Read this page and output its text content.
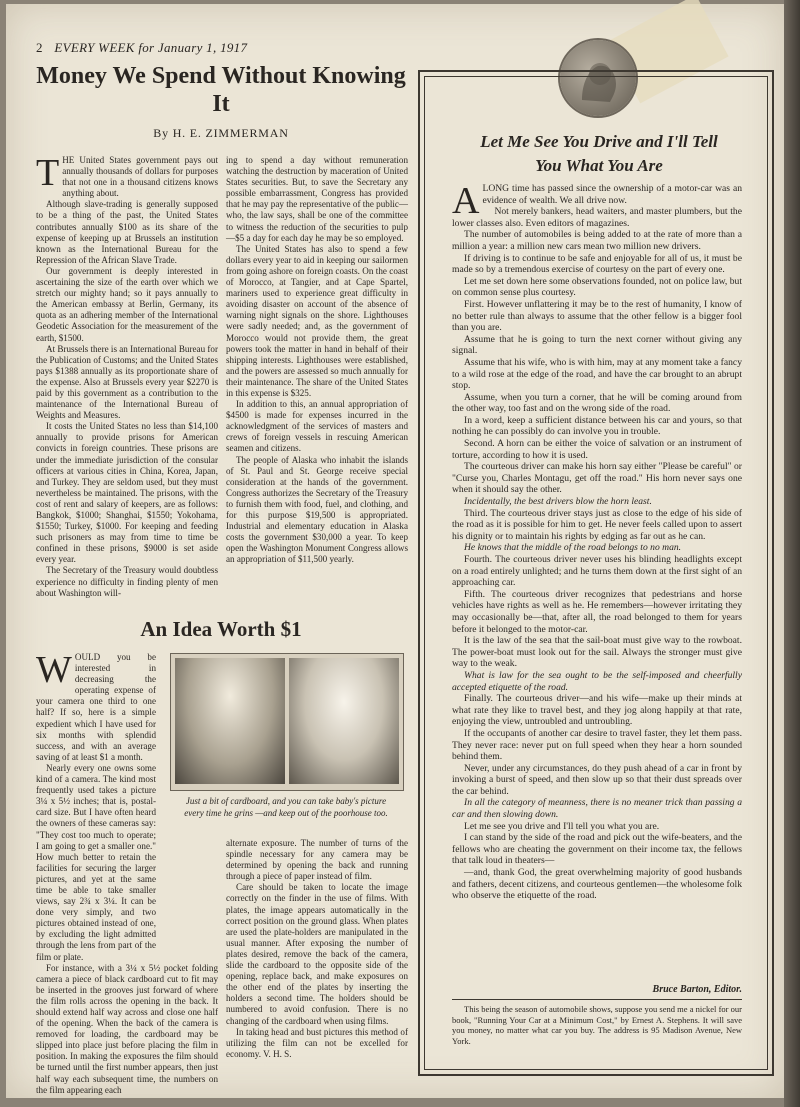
2 EVERY WEEK for January 1, 1917
Money We Spend Without Knowing It
By H. E. ZIMMERMAN
T HE United States government pays out annually thousands of dollars for purposes that not one in a thousand citizens knows anything about.

Although slave-trading is generally supposed to be a thing of the past, the United States contributes annually $100 as its share of the expense of keeping up at Brussels an institution known as the International Bureau for the Repression of the African Slave Trade.

Our government is deeply interested in ascertaining the size of the earth over which we stretch our mighty hand; so it pays annually to the American embassy at Berlin, Germany, its quota as an adhering member of the International Geodetic Association for the measurement of the earth, $1500.

At Brussels there is an International Bureau for the Publication of Customs; and the United States pays $1388 annually as its proportionate share of the expense. Also at Brussels every year $2270 is paid by this government as a contribution to the maintenance of the International Bureau of Weights and Measures.

It costs the United States no less than $14,100 annually to provide prisons for American convicts in foreign countries. These prisons are under the immediate jurisdiction of the consular officers at various cities in China, Korea, Japan, and Turkey. They are seldom used, but they must nevertheless be maintained. The prisons, with the cost of rent and salary of keepers, are as follows: Bangkok, $1000; Shanghai, $1550; Yokohama, $1550; Turkey, $1000. For keeping and feeding such prisoners as may from time to time be confined in these prisons, $9000 is set aside every year.

The Secretary of the Treasury would doubtless experience no difficulty in finding plenty of men about Washington will-

ing to spend a day without remuneration watching the destruction by maceration of United States securities. But, to save the Secretary any possible embarrassment, Congress has provided that he may pay the representative of the public—who, the law says, shall be one of the committee to witness the reduction of the securities to pulp—$5 a day for each day he may be so employed.

The United States has also to spend a few dollars every year to aid in keeping our sailormen from going ashore on foreign coasts. On the coast of Morocco, at Tangier, and at Cape Spartel, mariners used to experience great difficulty in avoiding disaster on account of the absence of warning night signals on the shore. Lighthouses were sadly needed; and, as the government of Morocco would not provide them, the great powers took the matter in hand in behalf of their shipping interests. Lighthouses were established, and the powers are assessed so much annually for their maintenance. The share of the United States in this expense is $325.

In addition to this, an annual appropriation of $4500 is made for expenses incurred in the acknowledgment of the services of masters and crews of foreign vessels in rescuing American seamen and citizens.

The people of Alaska who inhabit the islands of St. Paul and St. George receive special consideration at the hands of the government. Congress authorizes the Secretary of the Treasury to furnish them with food, fuel, and clothing, and for this purpose $19,500 is appropriated. Industrial and elementary education in Alaska costs the government $30,000 a year. To keep open the Washington Monument Congress allows an appropriation of $11,500 yearly.

An Idea Worth $1
W OULD you be interested in decreasing the operating expense of your camera one third to one half? If so, here is a simple expedient which I have used for six months with splendid success, and with an average saving of at least $1 a month.

Nearly every one owns some kind of a camera. The kind most frequently used takes a picture 3¼ x 5½ inches; that is, postal-card size. But I have often heard the owners of these cameras say: "They cost too much to operate; I am going to get a smaller one." How much better to retain the facilities for securing the larger pictures, and yet at the same time be able to take smaller views, say 2¾ x 3¼. It can be done very simply, and two pictures obtained instead of one, by excluding the light admitted through the lens from part of the film or plate.

For instance, with a 3¼ x 5½ pocket folding camera a piece of black cardboard cut to fit may be inserted in the grooves just forward of where the film rolls across the opening in the back. It should extend half way across and close one half of the opening. When the back of the camera is removed for loading, the cardboard may be slipped into place just before placing the film in position. In making the exposures the film should be turned until the first number appears, then just half way each subsequent time, the numbers on the film appearing each

Just a bit of cardboard, and you can take baby's picture every time he grins —and keep out of the poorhouse too.

alternate exposure. The number of turns of the spindle necessary for any camera may be determined by opening the back and running through a piece of paper instead of film.

Care should be taken to locate the image correctly on the finder in the use of films. With plates, the image appears automatically in the correct position on the ground glass. When plates are used the plate-holders are manipulated in the usual manner. After exposing the number of plates desired, remove the back of the camera, slide the cardboard to the opposite side of the opening, replace back, and make exposures on the other end of the plates by inserting the holders a second time. The holders should be numbered to avoid confusion. There is no changing of the cardboard when using films.

In taking head and bust pictures this method of utilizing the film can not be excelled for economy. V. H. S.

Let Me See You Drive and I'll Tell
You What You Are
A LONG time has passed since the ownership of a motor-car was an evidence of wealth. We all drive now.

Not merely bankers, head waiters, and master plumbers, but the lower classes also. Even editors of magazines.

The number of automobiles is being added to at the rate of more than a million a year: a million new cars mean two million new drivers.

If driving is to continue to be safe and enjoyable for all of us, it must be made so by a tremendous exercise of courtesy on the part of every one.

Let me set down here some observations founded, not on police law, but on common sense plus courtesy.

First. However unflattering it may be to the rest of humanity, I know of no better rule than always to assume that the other fellow is a bigger fool than you are.

Assume that he is going to turn the next corner without giving any signal.

Assume that his wife, who is with him, may at any moment take a fancy to a wild rose at the edge of the road, and have the car brought to an abrupt stop.

Assume, when you turn a corner, that he will be coming around from the other way, too fast and on the wrong side of the road.

In a word, keep a sufficient distance between his car and yours, so that nothing he can possibly do can involve you in trouble.

Second. A horn can be either the voice of salvation or an instrument of torture, according to how it is used.

The courteous driver can make his horn say either "Please be careful" or "Curse you, Charles Montagu, get off the road." His horn never says one when it should say the other.

Incidentally, the best drivers blow the horn least.

Third. The courteous driver stays just as close to the edge of his side of the road as it is possible for him to get. He never feels called upon to assert his dignity or to maintain his rights by edging as far out as he can.

He knows that the middle of the road belongs to no man.

Fourth. The courteous driver never uses his blinding headlights except on a road entirely unlighted; and he turns them down at the first sight of an approaching car.

Fifth. The courteous driver recognizes that pedestrians and horse vehicles have rights as well as he. He remembers—however irritating they may occasionally be—that, after all, the road belonged to them for years before it belonged to the motor-car.

It is the law of the sea that the sail-boat must give way to the rowboat. The power-boat must look out for the sail. Always the stronger must give way to the weak.

What is law for the sea ought to be the self-imposed and cheerfully accepted etiquette of the road.

Finally. The courteous driver—and his wife—make up their minds at what rate they like to travel best, and they jog along happily at that rate, enjoying the view, untroubled and untroubling.

If the occupants of another car desire to travel faster, they let them pass. They never race: never put on full speed when they hear a horn sounded behind them.

Never, under any circumstances, do they push ahead of a car in front by invoking a burst of speed, and then slow up so that their dust spreads over the car behind.

In all the category of meanness, there is no meaner trick than passing a car and then slowing down.

Let me see you drive and I'll tell you what you are.

I can stand by the side of the road and pick out the wife-beaters, and the fellows who are cheating the government on their income tax, the fellows that talk loud in theaters—

—and, thank God, the great overwhelming majority of good husbands and fathers, decent citizens, and courteous gentlemen—the wholesome folk who observe the etiquette of the road.

Bruce Barton, Editor.
This being the season of automobile shows, suppose you send me a nickel for our book, "Running Your Car at a Minimum Cost," by Ernest A. Stephens. It will save you money, no matter what car you buy. The address is 95 Madison Avenue, New York.
